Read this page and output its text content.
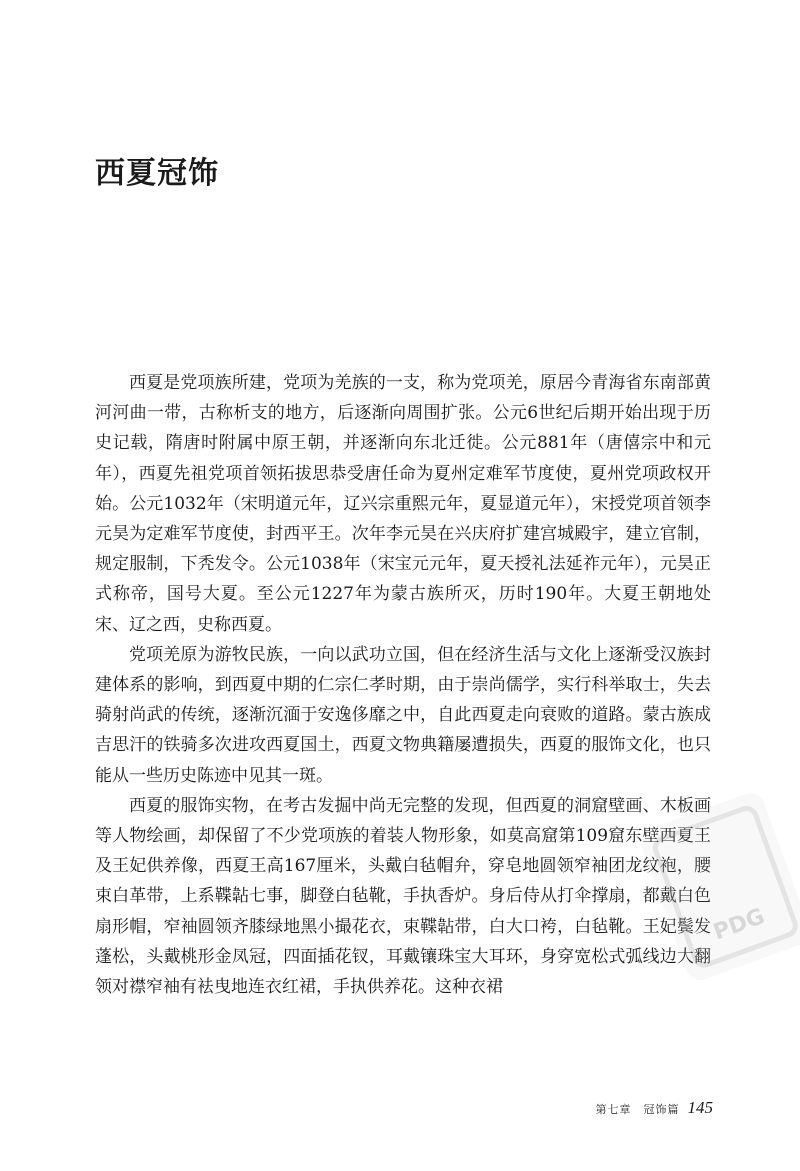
西夏冠饰

西夏是党项族所建，党项为羌族的一支，称为党项羌，原居今青海省东南部黄河河曲一带，古称析支的地方，后逐渐向周围扩张。公元6世纪后期开始出现于历史记载，隋唐时附属中原王朝，并逐渐向东北迁徙。公元881年（唐僖宗中和元年），西夏先祖党项首领拓拔思恭受唐任命为夏州定难军节度使，夏州党项政权开始。公元1032年（宋明道元年，辽兴宗重熙元年，夏显道元年），宋授党项首领李元昊为定难军节度使，封西平王。次年李元昊在兴庆府扩建宫城殿宇，建立官制，规定服制，下秃发令。公元1038年（宋宝元元年，夏天授礼法延祚元年），元昊正式称帝，国号大夏。至公元1227年为蒙古族所灭，历时190年。大夏王朝地处宋、辽之西，史称西夏。

党项羌原为游牧民族，一向以武功立国，但在经济生活与文化上逐渐受汉族封建体系的影响，到西夏中期的仁宗仁孝时期，由于崇尚儒学，实行科举取士，失去骑射尚武的传统，逐渐沉湎于安逸侈靡之中，自此西夏走向衰败的道路。蒙古族成吉思汗的铁骑多次进攻西夏国土，西夏文物典籍屡遭损失，西夏的服饰文化，也只能从一些历史陈迹中见其一斑。

西夏的服饰实物，在考古发掘中尚无完整的发现，但西夏的洞窟壁画、木板画等人物绘画，却保留了不少党项族的着装人物形象，如莫高窟第109窟东壁西夏王及王妃供养像，西夏王高167厘米，头戴白毡帽弁，穿皂地圆领窄袖团龙纹袍，腰束白革带，上系鞢䪓七事，脚登白毡靴，手执香炉。身后侍从打伞撑扇，都戴白色扇形帽，窄袖圆领齐膝绿地黑小撮花衣，束鞢䪓带，白大口袴，白毡靴。王妃鬓发蓬松，头戴桃形金凤冠，四面插花钗，耳戴镶珠宝大耳环，身穿宽松式弧线边大翻领对襟窄袖有袪曳地连衣红裙，手执供养花。这种衣裙

第七章　冠饰篇 145
PDG
